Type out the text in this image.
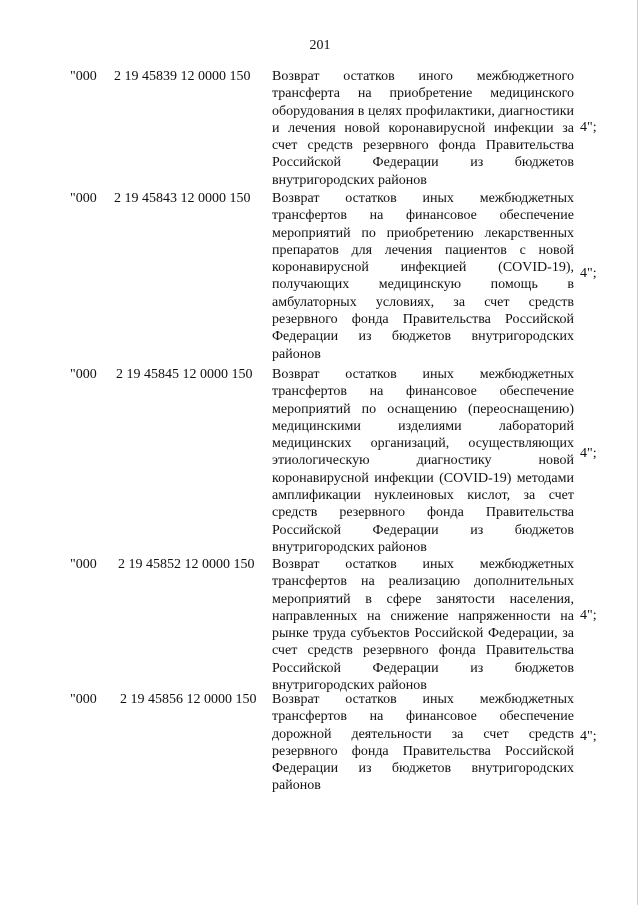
201
"000 2 19 45839 12 0000 150 Возврат остатков иного межбюджетного трансферта на приобретение медицинского оборудования в целях профилактики, диагностики и лечения новой коронавирусной инфекции за счет средств резервного фонда Правительства Российской Федерации из бюджетов внутригородских районов
4";
"000 2 19 45843 12 0000 150 Возврат остатков иных межбюджетных трансфертов на финансовое обеспечение мероприятий по приобретению лекарственных препаратов для лечения пациентов с новой коронавирусной инфекцией (COVID-19), получающих медицинскую помощь в амбулаторных условиях, за счет средств резервного фонда Правительства Российской Федерации из бюджетов внутригородских районов
4";
"000 2 19 45845 12 0000 150 Возврат остатков иных межбюджетных трансфертов на финансовое обеспечение мероприятий по оснащению (переоснащению) медицинскими изделиями лабораторий медицинских организаций, осуществляющих этиологическую диагностику новой коронавирусной инфекции (COVID-19) методами амплификации нуклеиновых кислот, за счет средств резервного фонда Правительства Российской Федерации из бюджетов внутригородских районов
4";
"000 2 19 45852 12 0000 150 Возврат остатков иных межбюджетных трансфертов на реализацию дополнительных мероприятий в сфере занятости населения, направленных на снижение напряженности на рынке труда субъектов Российской Федерации, за счет средств резервного фонда Правительства Российской Федерации из бюджетов внутригородских районов
4";
"000 2 19 45856 12 0000 150 Возврат остатков иных межбюджетных трансфертов на финансовое обеспечение дорожной деятельности за счет средств резервного фонда Правительства Российской Федерации из бюджетов внутригородских районов
4";
